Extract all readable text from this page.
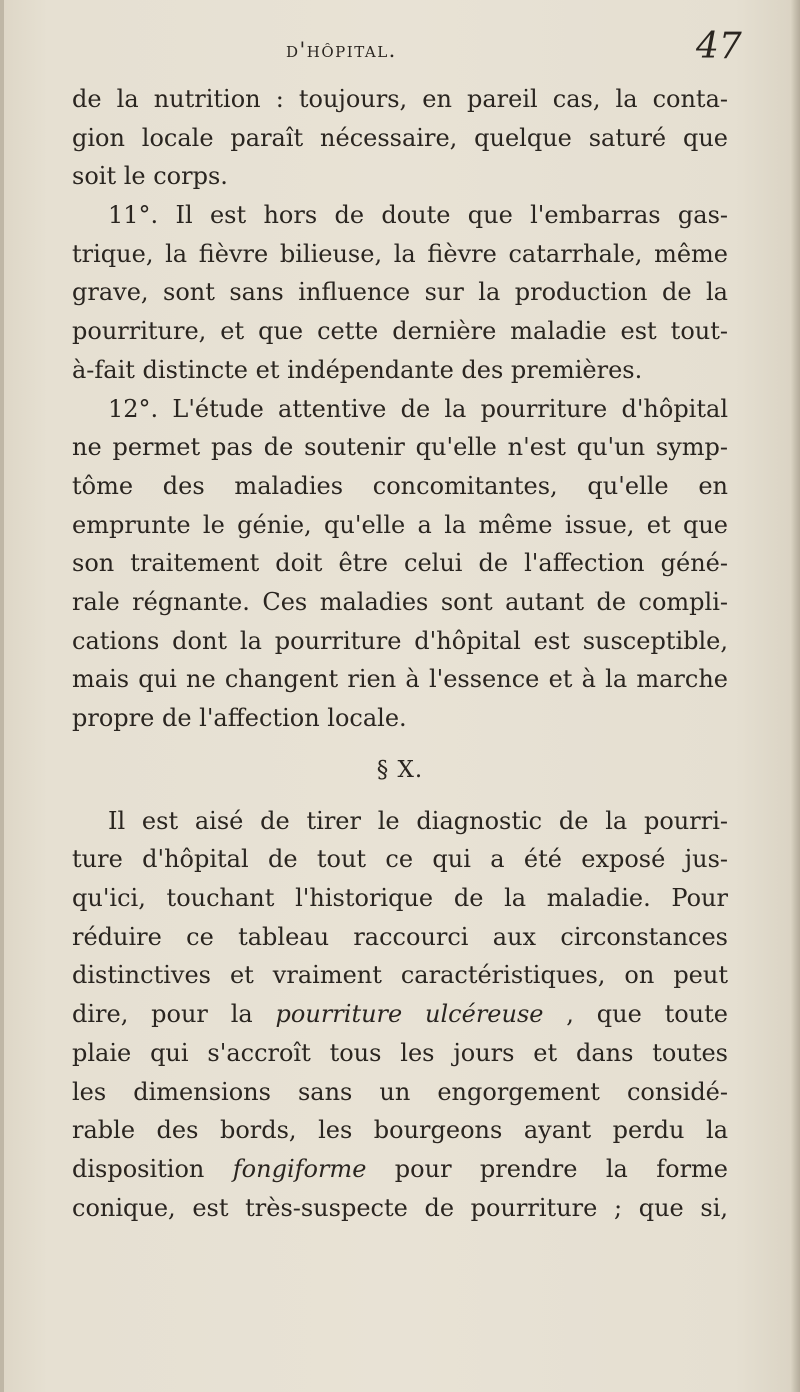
d'hôpital.	47
de la nutrition : toujours, en pareil cas, la conta-
gion locale paraît nécessaire, quelque saturé que
soit le corps.
11°. Il est hors de doute que l'embarras gas-
trique, la fièvre bilieuse, la fièvre catarrhale, même
grave, sont sans influence sur la production de la
pourriture, et que cette dernière maladie est tout-
à-fait distincte et indépendante des premières.
12°. L'étude attentive de la pourriture d'hôpital
ne permet pas de soutenir qu'elle n'est qu'un symp-
tôme des maladies concomitantes, qu'elle en
emprunte le génie, qu'elle a la même issue, et que
son traitement doit être celui de l'affection géné-
rale régnante. Ces maladies sont autant de compli-
cations dont la pourriture d'hôpital est susceptible,
mais qui ne changent rien à l'essence et à la marche
propre de l'affection locale.
§ X.
Il est aisé de tirer le diagnostic de la pourri-
ture d'hôpital de tout ce qui a été exposé jus-
qu'ici, touchant l'historique de la maladie. Pour
réduire ce tableau raccourci aux circonstances
distinctives et vraiment caractéristiques, on peut
dire, pour la pourriture ulcéreuse , que toute
plaie qui s'accroît tous les jours et dans toutes
les dimensions sans un engorgement considé-
rable des bords, les bourgeons ayant perdu la
disposition fongiforme pour prendre la forme
conique, est très-suspecte de pourriture ; que si,
